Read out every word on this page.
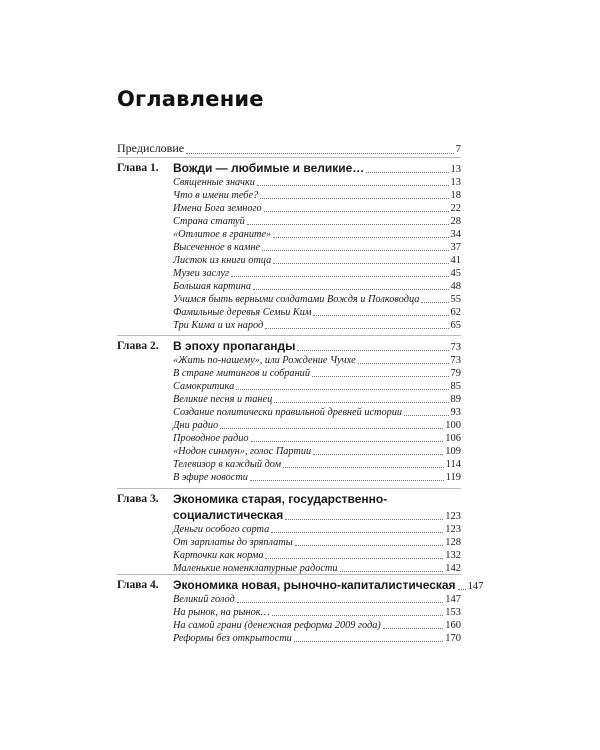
Оглавление
Предисловие	7
Глава 1.	Вожди — любимые и великие…	13
Священные значки	13
Что в имени тебе?	18
Имена Бога земного	22
Страна статуй	28
«Отлитое в граните»	34
Высеченное в камне	37
Листок из книги отца	41
Музеи заслуг	45
Большая картина	48
Учимся быть верными солдатами Вождя и Полководца	55
Фамильные деревья Семьи Ким	62
Три Кима и их народ	65
Глава 2.	В эпоху пропаганды	73
«Жить по-нашему», или Рождение Чучхе	73
В стране митингов и собраний	79
Самокритика	85
Великие песня и танец	89
Создание политически правильной древней истории	93
Дни радио	100
Проводное радио	106
«Нодон синмун», голос Партии	109
Телевизор в каждый дом	114
В эфире новости	119
Глава 3.	Экономика старая, государственно-
социалистическая	123
Деньги особого сорта	123
От зарплаты до зряплаты	128
Карточки как норма	132
Маленькие номенклатурные радости	142
Глава 4.	Экономика новая, рыночно-капиталистическая 147
Великий голод	147
На рынок, на рынок…	153
На самой грани (денежная реформа 2009 года)	160
Реформы без открытости	170
